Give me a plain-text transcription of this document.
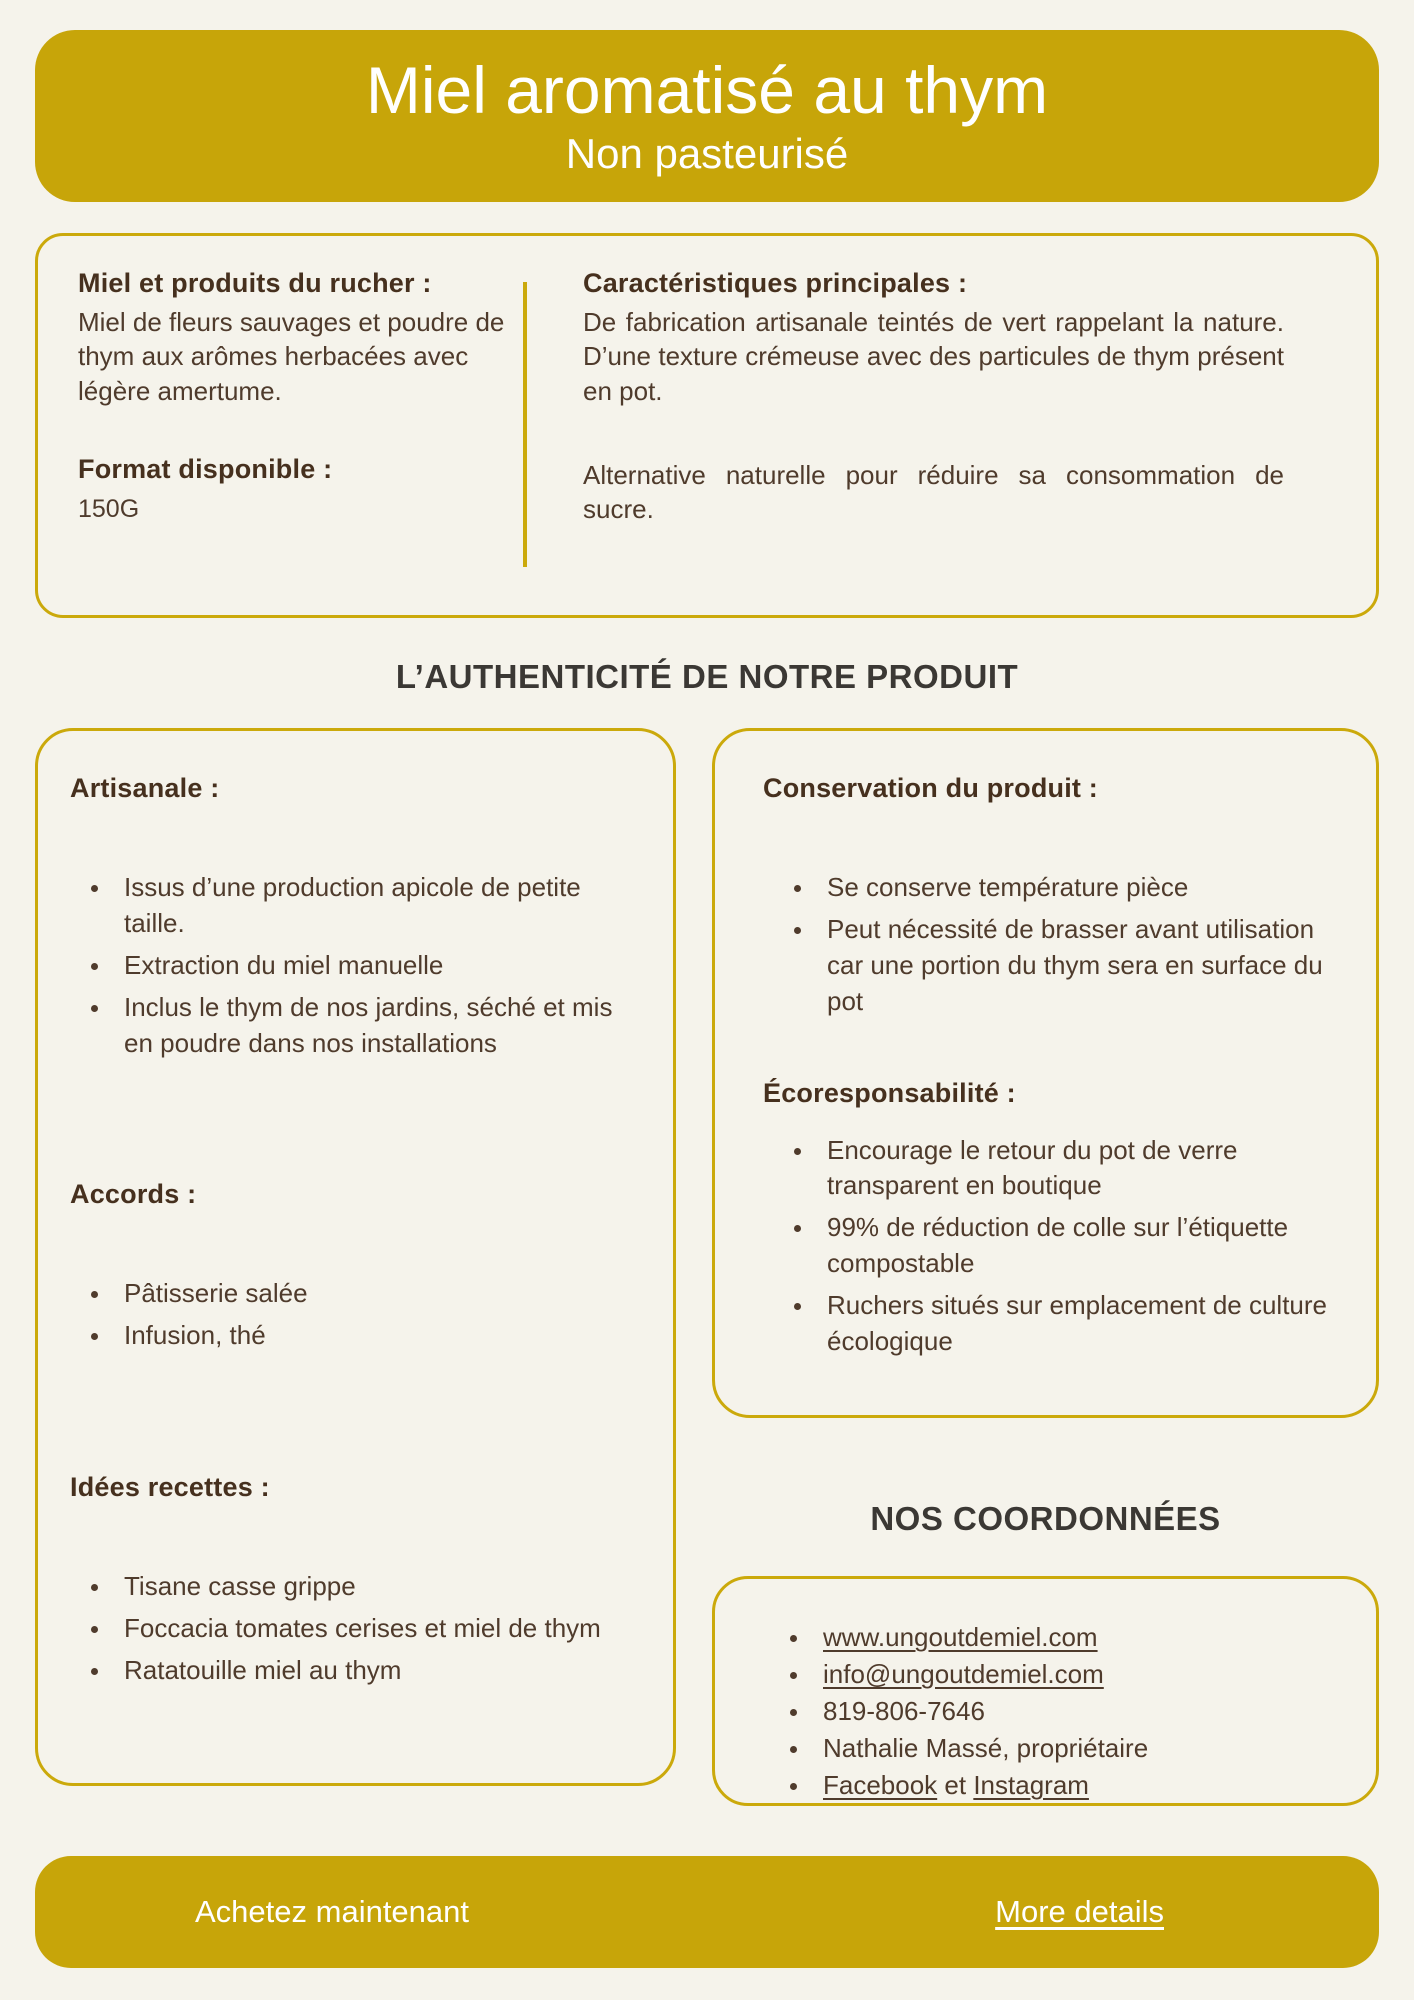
Miel aromatisé au thym
Non pasteurisé
Miel et produits du rucher :

Miel de fleurs sauvages et poudre de thym aux arômes herbacées avec légère amertume.

Format disponible :
150G
Caractéristiques principales :

De fabrication artisanale teintés de vert rappelant la nature. D’une texture crémeuse avec des particules de thym présent en pot.

Alternative naturelle pour réduire sa consommation de sucre.

L’AUTHENTICITÉ DE NOTRE PRODUIT
Artisanale :
• Issus d’une production apicole de petite taille.
• Extraction du miel manuelle
• Inclus le thym de nos jardins, séché et mis en poudre dans nos installations
Accords :
• Pâtisserie salée
• Infusion, thé
Idées recettes :
• Tisane casse grippe
• Foccacia tomates cerises et miel de thym
• Ratatouille miel au thym
Conservation du produit :
• Se conserve température pièce
• Peut nécessité de brasser avant utilisation car une portion du thym sera en surface du pot
Écoresponsabilité :
• Encourage le retour du pot de verre transparent en boutique
• 99% de réduction de colle sur l’étiquette compostable
• Ruchers situés sur emplacement de culture écologique
NOS COORDONNÉES
• www.ungoutdemiel.com
• info@ungoutdemiel.com
• 819-806-7646
• Nathalie Massé, propriétaire
• Facebook et Instagram
Achetez maintenant	More details
